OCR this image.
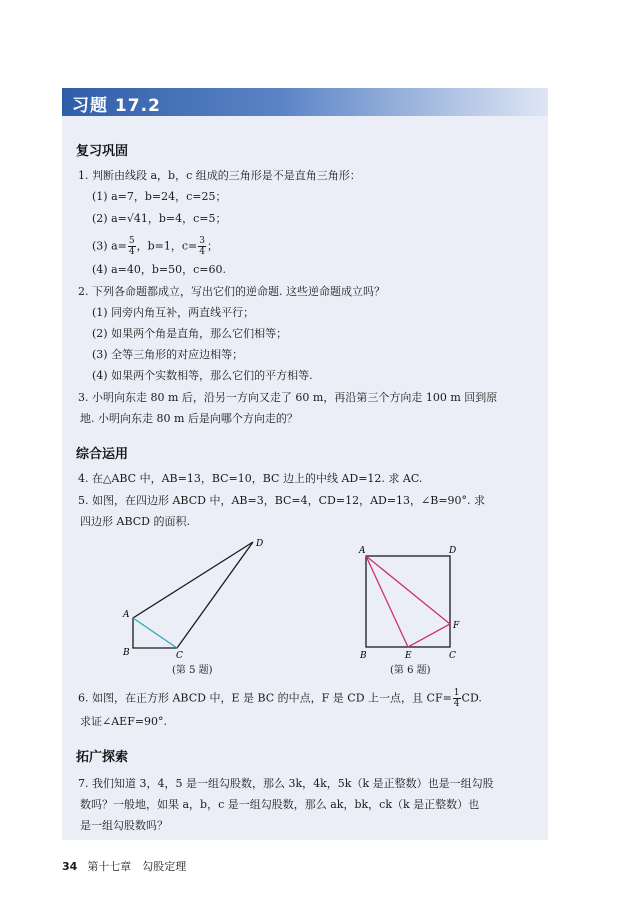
习题 17.2
复习巩固
1. 判断由线段 a，b，c 组成的三角形是不是直角三角形：
(1) a=7，b=24，c=25；
(2) a=√41，b=4，c=5；
(3) $a= \frac{5}{4}$ ，b=1，$c= \frac{3}{4}$ ；
(4) a=40，b=50，c=60.
2. 下列各命题都成立，写出它们的逆命题. 这些逆命题成立吗？
(1) 同旁内角互补，两直线平行；
(2) 如果两个角是直角，那么它们相等；
(3) 全等三角形的对应边相等；
(4) 如果两个实数相等，那么它们的平方相等.
3. 小明向东走 80 m 后，沿另一方向又走了 60 m，再沿第三个方向走 100 m 回到原
地. 小明向东走 80 m 后是向哪个方向走的？
综合运用
4. 在△ABC 中，AB=13，BC=10，BC 边上的中线 AD=12. 求 AC.
5. 如图，在四边形 ABCD 中，AB=3，BC=4，CD=12，AD=13，∠B=90°. 求
四边形 ABCD 的面积.
A
B	C
D
A
B	C
D
E
F
(第 5 题)	(第 6 题)
6. 如图，在正方形 ABCD 中，E 是 BC 的中点，F 是 CD 上一点，且 $CF= \frac{1}{4}$ CD.
求证∠AEF=90°.
拓广探索
7. 我们知道 3，4，5 是一组勾股数，那么 3k，4k，5k（k 是正整数）也是一组勾股
数吗？一般地，如果 a，b，c 是一组勾股数，那么 ak，bk，ck（k 是正整数）也
是一组勾股数吗？
34 第十七章　勾股定理
